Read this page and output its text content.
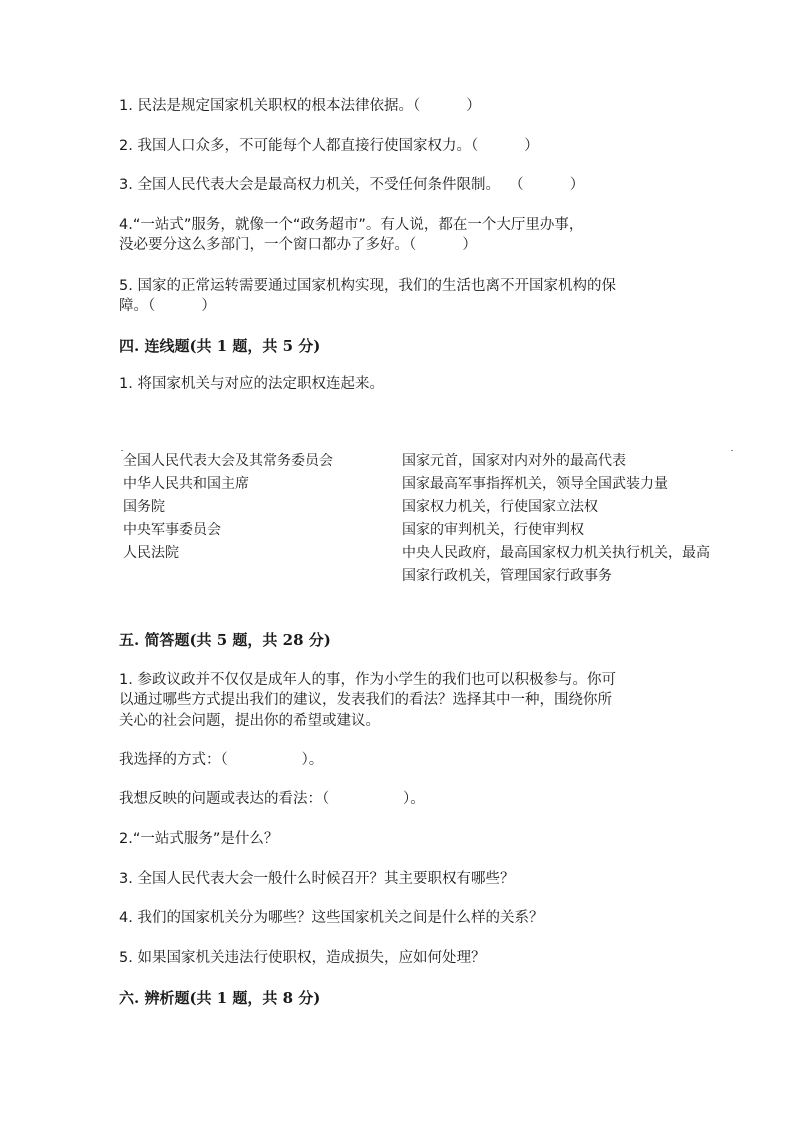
1. 民法是规定国家机关职权的根本法律依据。（          ）
2. 我国人口众多，不可能每个人都直接行使国家权力。（          ）
3. 全国人民代表大会是最高权力机关，不受任何条件限制。  （          ）
4.“一站式”服务，就像一个“政务超市”。有人说，都在一个大厅里办事，
没必要分这么多部门，一个窗口都办了多好。（          ）
5. 国家的正常运转需要通过国家机构实现，我们的生活也离不开国家机构的保
障。（          ）
四. 连线题(共 1 题，共 5 分)
1. 将国家机关与对应的法定职权连起来。
全国人民代表大会及其常务委员会
中华人民共和国主席
国务院
中央军事委员会
人民法院
国家元首，国家对内对外的最高代表
国家最高军事指挥机关，领导全国武装力量
国家权力机关，行使国家立法权
国家的审判机关，行使审判权
中央人民政府，最高国家权力机关执行机关，最高
国家行政机关，管理国家行政事务
五. 简答题(共 5 题，共 28 分)
1. 参政议政并不仅仅是成年人的事，作为小学生的我们也可以积极参与。你可
以通过哪些方式提出我们的建议，发表我们的看法？选择其中一种，围绕你所
关心的社会问题，提出你的希望或建议。
我选择的方式：（                ）。
我想反映的问题或表达的看法：（                ）。
2.“一站式服务”是什么？
3. 全国人民代表大会一般什么时候召开？其主要职权有哪些？
4. 我们的国家机关分为哪些？这些国家机关之间是什么样的关系？
5. 如果国家机关违法行使职权，造成损失，应如何处理？
六. 辨析题(共 1 题，共 8 分)
